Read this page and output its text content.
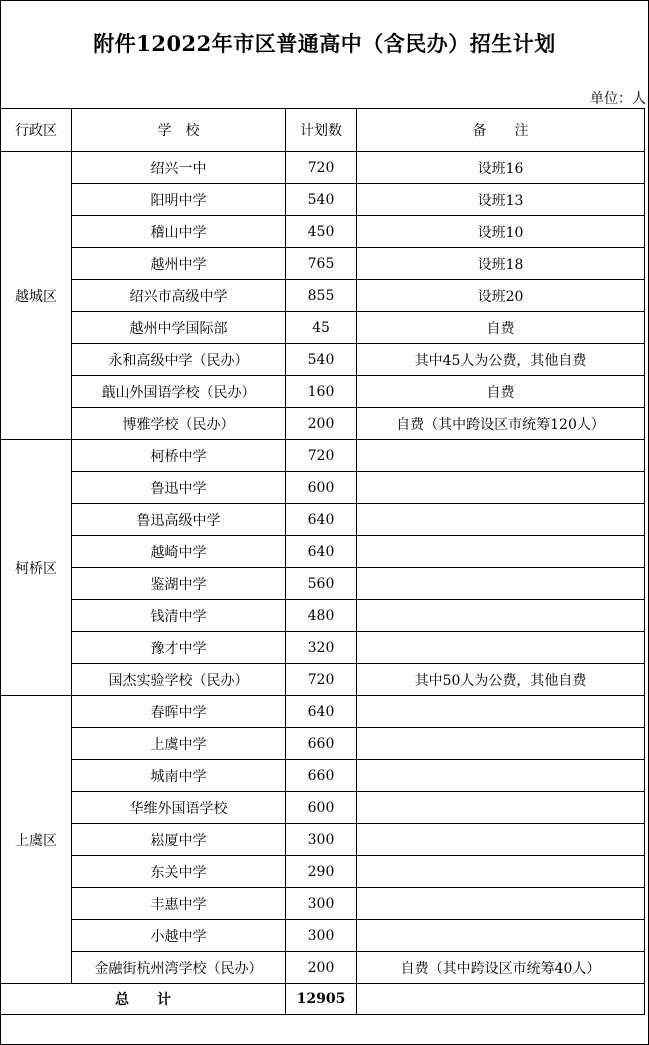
附件12022年市区普通高中（含民办）招生计划
单位：人
行政区	学　校	计划数	备　　注
越城区	绍兴一中	720	设班16
	阳明中学	540	设班13
	稽山中学	450	设班10
	越州中学	765	设班18
	绍兴市高级中学	855	设班20
	越州中学国际部	45	自费
	永和高级中学（民办）	540	其中45人为公费，其他自费
	蕺山外国语学校（民办）	160	自费
	博雅学校（民办）	200	自费（其中跨设区市统筹120人）
柯桥区	柯桥中学	720	
	鲁迅中学	600	
	鲁迅高级中学	640	
	越崎中学	640	
	鉴湖中学	560	
	钱清中学	480	
	豫才中学	320	
	国杰实验学校（民办）	720	其中50人为公费，其他自费
上虞区	春晖中学	640	
	上虞中学	660	
	城南中学	660	
	华维外国语学校	600	
	崧厦中学	300	
	东关中学	290	
	丰惠中学	300	
	小越中学	300	
	金融街杭州湾学校（民办）	200	自费（其中跨设区市统筹40人）
总　　计		12905	
